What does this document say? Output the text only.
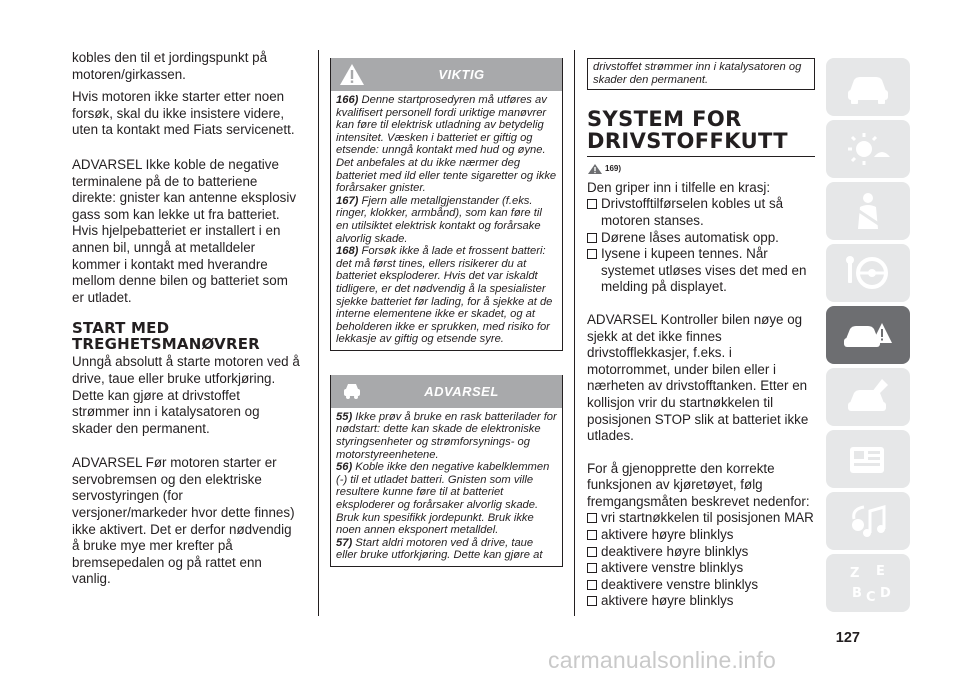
kobles den til et jordingspunkt på motoren/girkassen.

Hvis motoren ikke starter etter noen forsøk, skal du ikke insistere videre, uten ta kontakt med Fiats servicenett.

ADVARSEL Ikke koble de negative terminalene på de to batteriene direkte: gnister kan antenne eksplosiv gass som kan lekke ut fra batteriet. Hvis hjelpebatteriet er installert i en annen bil, unngå at metalldeler kommer i kontakt med hverandre mellom denne bilen og batteriet som er utladet.

START MED TREGHETSMANØVRER

Unngå absolutt å starte motoren ved å drive, taue eller bruke utforkjøring. Dette kan gjøre at drivstoffet strømmer inn i katalysatoren og skader den permanent.

ADVARSEL Før motoren starter er servobremsen og den elektriske servostyringen (for versjoner/markeder hvor dette finnes) ikke aktivert. Det er derfor nødvendig å bruke mye mer krefter på bremsepedalen og på rattet enn vanlig.

VIKTIG

166) Denne startprosedyren må utføres av kvalifisert personell fordi uriktige manøvrer kan føre til elektrisk utladning av betydelig intensitet. Væsken i batteriet er giftig og etsende: unngå kontakt med hud og øyne. Det anbefales at du ikke nærmer deg batteriet med ild eller tente sigaretter og ikke forårsaker gnister.

167) Fjern alle metallgjenstander (f.eks. ringer, klokker, armbånd), som kan føre til en utilsiktet elektrisk kontakt og forårsake alvorlig skade.

168) Forsøk ikke å lade et frossent batteri: det må først tines, ellers risikerer du at batteriet eksploderer. Hvis det var iskaldt tidligere, er det nødvendig å la spesialister sjekke batteriet før lading, for å sjekke at de interne elementene ikke er skadet, og at beholderen ikke er sprukken, med risiko for lekkasje av giftig og etsende syre.

ADVARSEL

55) Ikke prøv å bruke en rask batterilader for nødstart: dette kan skade de elektroniske styringsenheter og strømforsynings- og motorstyreenhetene.

56) Koble ikke den negative kabelklemmen (-) til et utladet batteri. Gnisten som ville resultere kunne føre til at batteriet eksploderer og forårsaker alvorlig skade. Bruk kun spesifikk jordepunkt. Bruk ikke noen annen eksponert metalldel.

57) Start aldri motoren ved å drive, taue eller bruke utforkjøring. Dette kan gjøre at

drivstoffet strømmer inn i katalysatoren og skader den permanent.
SYSTEM FOR DRIVSTOFFKUTT
169)

Den griper inn i tilfelle en krasj:

Drivstofftilførselen kobles ut så motoren stanses.
Dørene låses automatisk opp.
Iysene i kupeen tennes. Når systemet utløses vises det med en melding på displayet.

ADVARSEL Kontroller bilen nøye og sjekk at det ikke finnes drivstofflekkasjer, f.eks. i motorrommet, under bilen eller i nærheten av drivstofftanken. Etter en kollisjon vrir du startnøkkelen til posisjonen STOP slik at batteriet ikke utlades.

For å gjenopprette den korrekte funksjonen av kjøretøyet, følg fremgangsmåten beskrevet nedenfor:

vri startnøkkelen til posisjonen MAR
aktivere høyre blinklys
deaktivere høyre blinklys
aktivere venstre blinklys
deaktivere venstre blinklys
aktivere høyre blinklys
Z E
B C D
127
carmanualsonline.info
